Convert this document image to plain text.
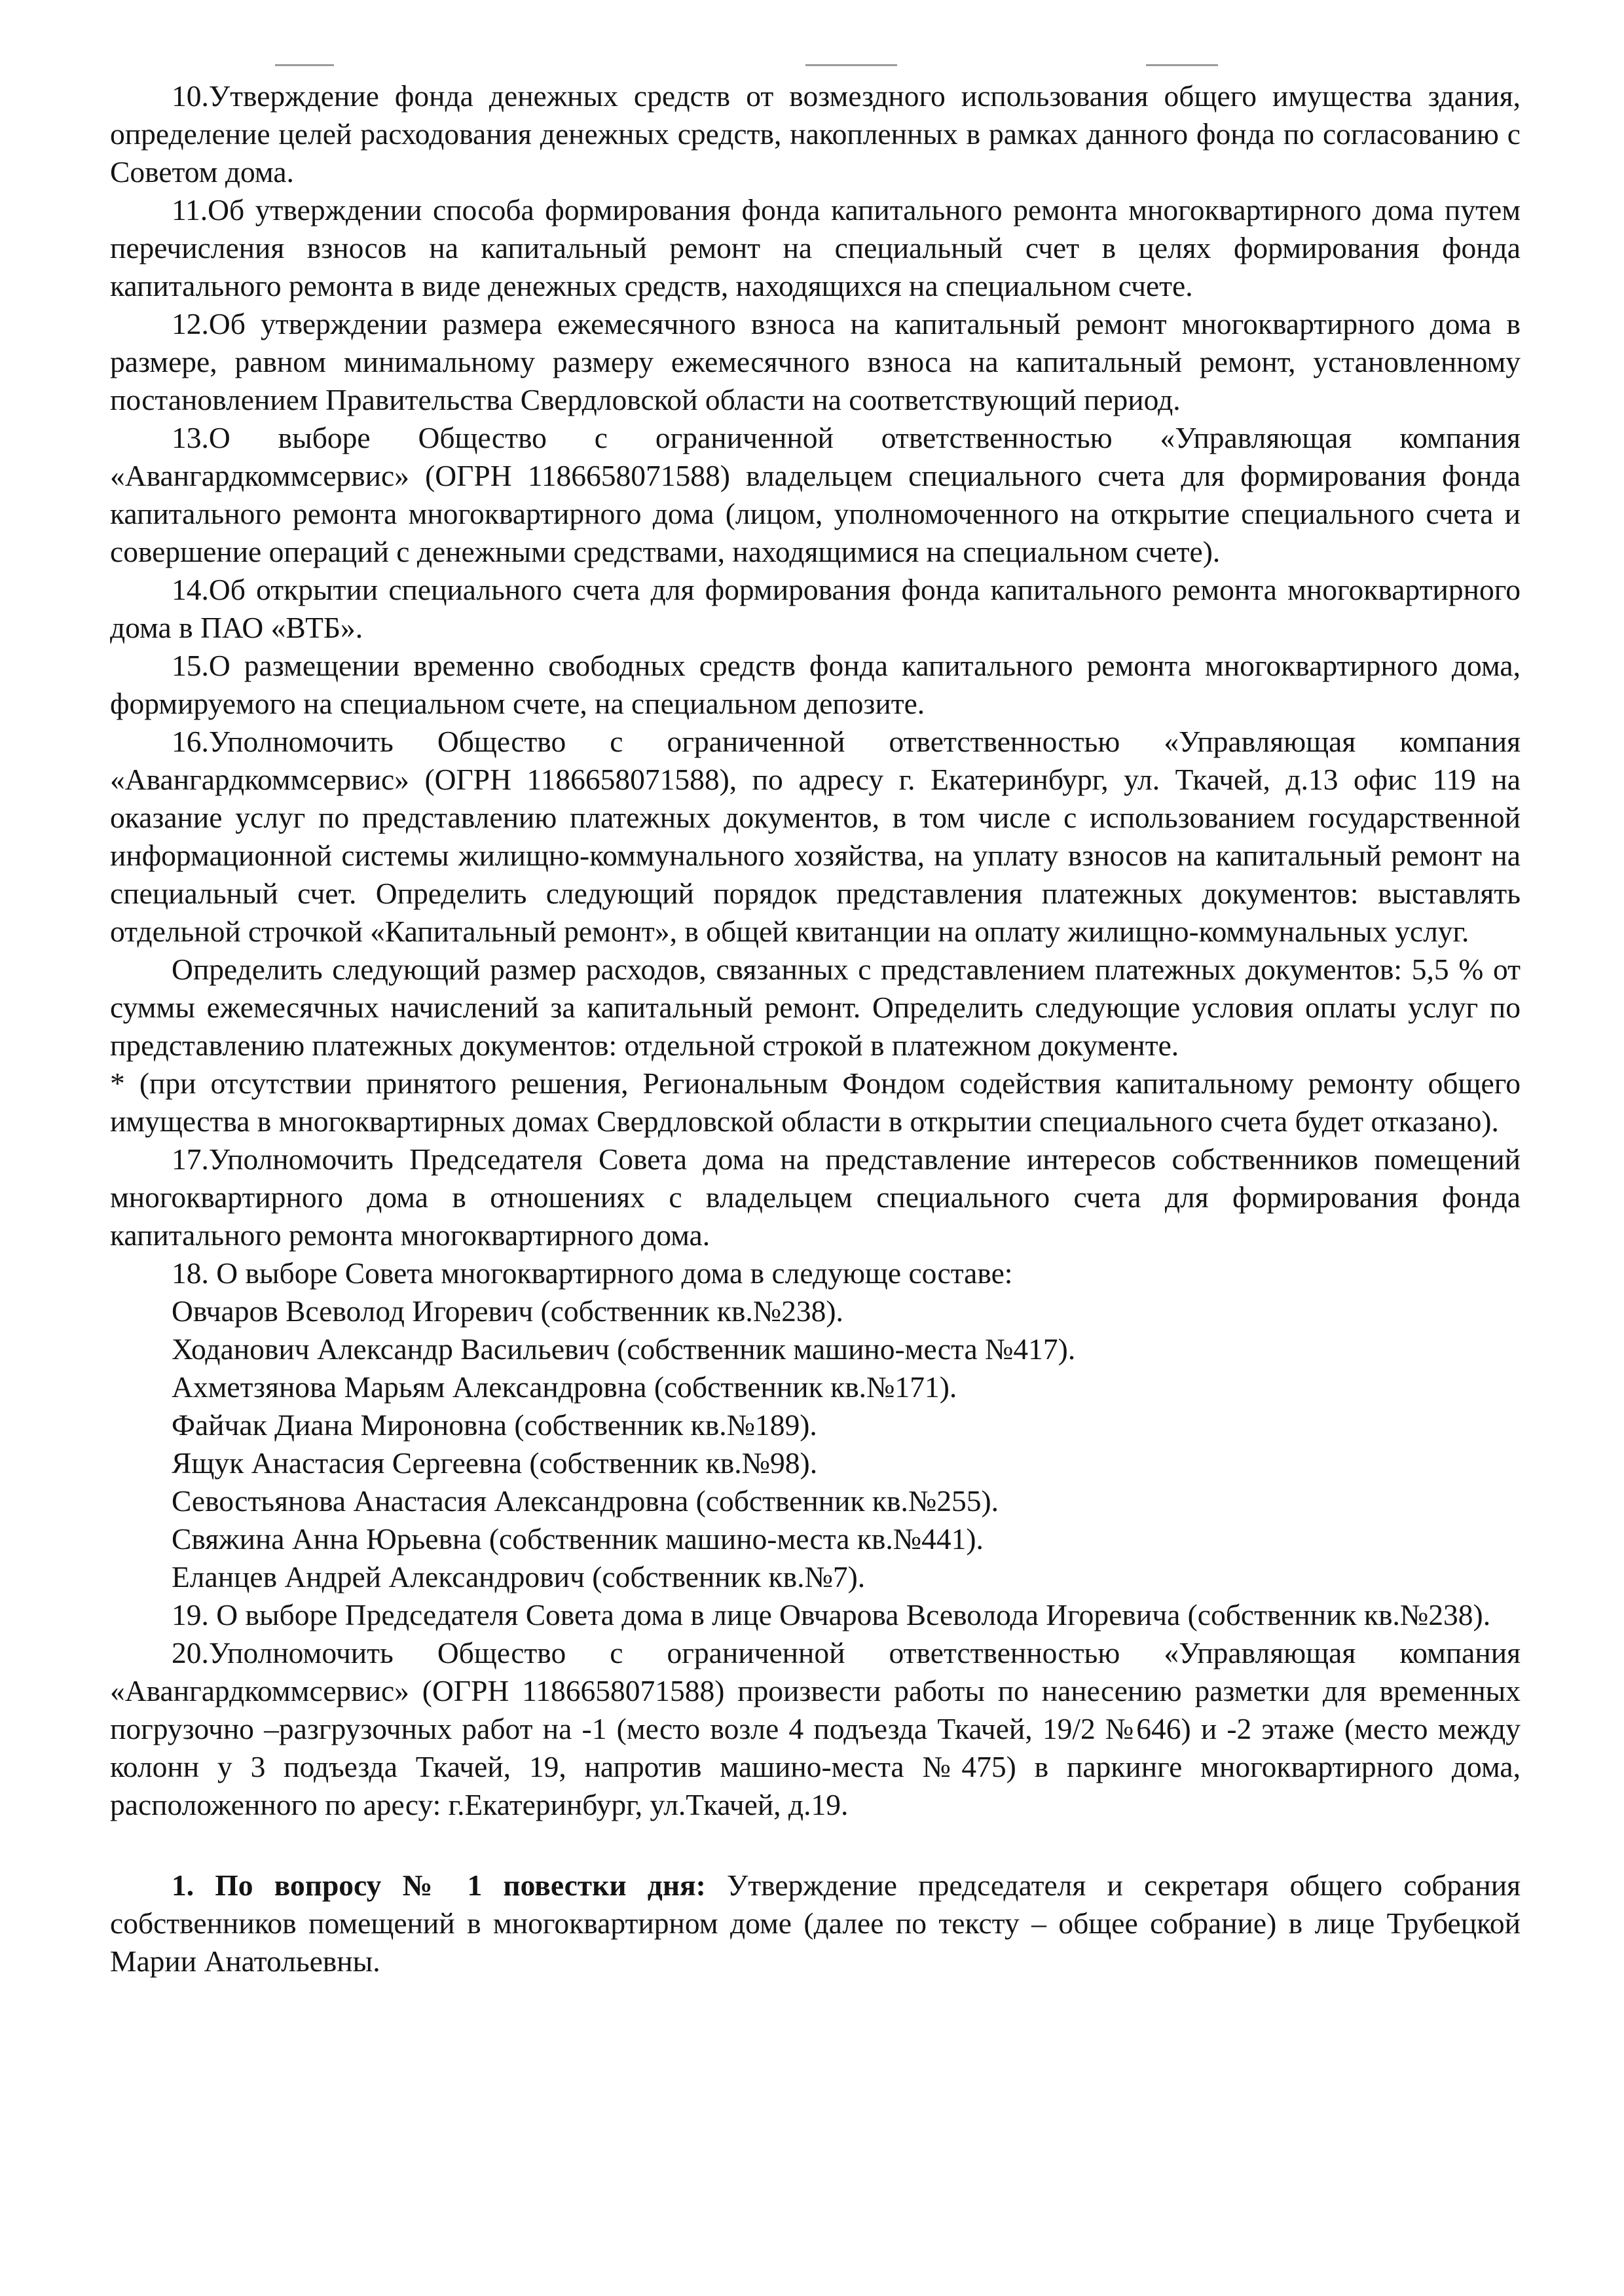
10.Утверждение фонда денежных средств от возмездного использования общего имущества здания, определение целей расходования денежных средств, накопленных в рамках данного фонда по согласованию с Советом дома.

11.Об утверждении способа формирования фонда капитального ремонта многоквартирного дома путем перечисления взносов на капитальный ремонт на специальный счет в целях формирования фонда капитального ремонта в виде денежных средств, находящихся на специальном счете.

12.Об утверждении размера ежемесячного взноса на капитальный ремонт многоквартирного дома в размере, равном минимальному размеру ежемесячного взноса на капитальный ремонт, установленному постановлением Правительства Свердловской области на соответствующий период.

13.О выборе Общество с ограниченной ответственностью «Управляющая компания «Авангардкоммсервис» (ОГРН 1186658071588) владельцем специального счета для формирования фонда капитального ремонта многоквартирного дома (лицом, уполномоченного на открытие специального счета и совершение операций с денежными средствами, находящимися на специальном счете).

14.Об открытии специального счета для формирования фонда капитального ремонта многоквартирного дома в ПАО «ВТБ».

15.О размещении временно свободных средств фонда капитального ремонта многоквартирного дома, формируемого на специальном счете, на специальном депозите.

16.Уполномочить Общество с ограниченной ответственностью «Управляющая компания «Авангардкоммсервис» (ОГРН 1186658071588), по адресу г. Екатеринбург, ул. Ткачей, д.13 офис 119 на оказание услуг по представлению платежных документов, в том числе с использованием государственной информационной системы жилищно-коммунального хозяйства, на уплату взносов на капитальный ремонт на специальный счет. Определить следующий порядок представления платежных документов: выставлять отдельной строчкой «Капитальный ремонт», в общей квитанции на оплату жилищно-коммунальных услуг.

Определить следующий размер расходов, связанных с представлением платежных документов: 5,5 % от суммы ежемесячных начислений за капитальный ремонт. Определить следующие условия оплаты услуг по представлению платежных документов: отдельной строкой в платежном документе.

* (при отсутствии принятого решения, Региональным Фондом содействия капитальному ремонту общего имущества в многоквартирных домах Свердловской области в открытии специального счета будет отказано).

17.Уполномочить Председателя Совета дома на представление интересов собственников помещений многоквартирного дома в отношениях с владельцем специального счета для формирования фонда капитального ремонта многоквартирного дома.

18. О выборе Совета многоквартирного дома в следующе составе:

Овчаров Всеволод Игоревич (собственник кв.№238).

Ходанович Александр Васильевич (собственник машино-места №417).

Ахметзянова Марьям Александровна (собственник кв.№171).

Файчак Диана Мироновна (собственник кв.№189).

Ящук Анастасия Сергеевна (собственник кв.№98).

Севостьянова Анастасия Александровна (собственник кв.№255).

Свяжина Анна Юрьевна (собственник машино-места кв.№441).

Еланцев Андрей Александрович (собственник кв.№7).

19. О выборе Председателя Совета дома в лице Овчарова Всеволода Игоревича (собственник кв.№238).

20.Уполномочить Общество с ограниченной ответственностью «Управляющая компания «Авангардкоммсервис» (ОГРН 1186658071588) произвести работы по нанесению разметки для временных погрузочно –разгрузочных работ на -1 (место возле 4 подъезда Ткачей, 19/2 №646) и -2 этаже (место между колонн у 3 подъезда Ткачей, 19, напротив машино-места №475) в паркинге многоквартирного дома, расположенного по аресу: г.Екатеринбург, ул.Ткачей, д.19.

1. По вопросу № 1 повестки дня: Утверждение председателя и секретаря общего собрания собственников помещений в многоквартирном доме (далее по тексту – общее собрание) в лице Трубецкой Марии Анатольевны.
